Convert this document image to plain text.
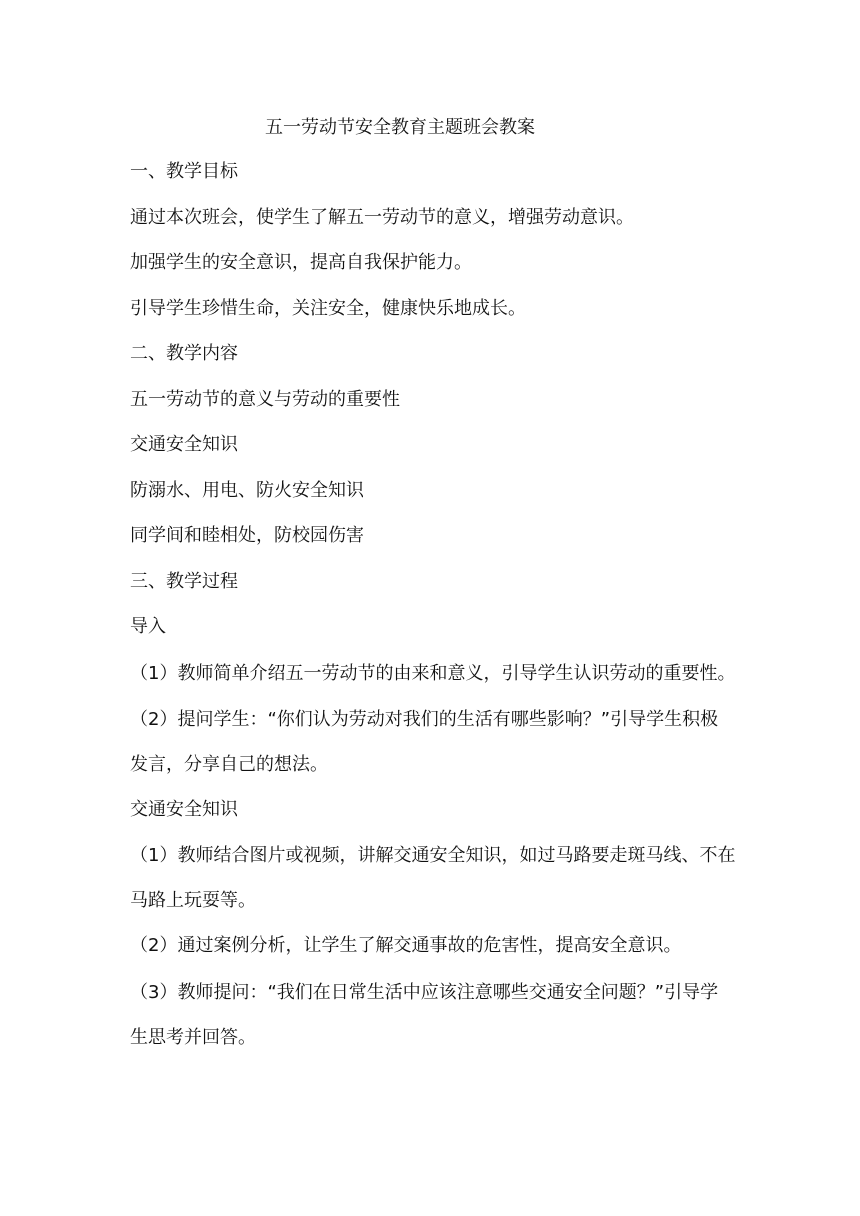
五一劳动节安全教育主题班会教案
一、教学目标
通过本次班会，使学生了解五一劳动节的意义，增强劳动意识。
加强学生的安全意识，提高自我保护能力。
引导学生珍惜生命，关注安全，健康快乐地成长。
二、教学内容
五一劳动节的意义与劳动的重要性
交通安全知识
防溺水、用电、防火安全知识
同学间和睦相处，防校园伤害
三、教学过程
导入
（1）教师简单介绍五一劳动节的由来和意义，引导学生认识劳动的重要性。
（2）提问学生：“你们认为劳动对我们的生活有哪些影响？”引导学生积极发言，分享自己的想法。
交通安全知识
（1）教师结合图片或视频，讲解交通安全知识，如过马路要走斑马线、不在马路上玩耍等。
（2）通过案例分析，让学生了解交通事故的危害性，提高安全意识。
（3）教师提问：“我们在日常生活中应该注意哪些交通安全问题？”引导学生思考并回答。
